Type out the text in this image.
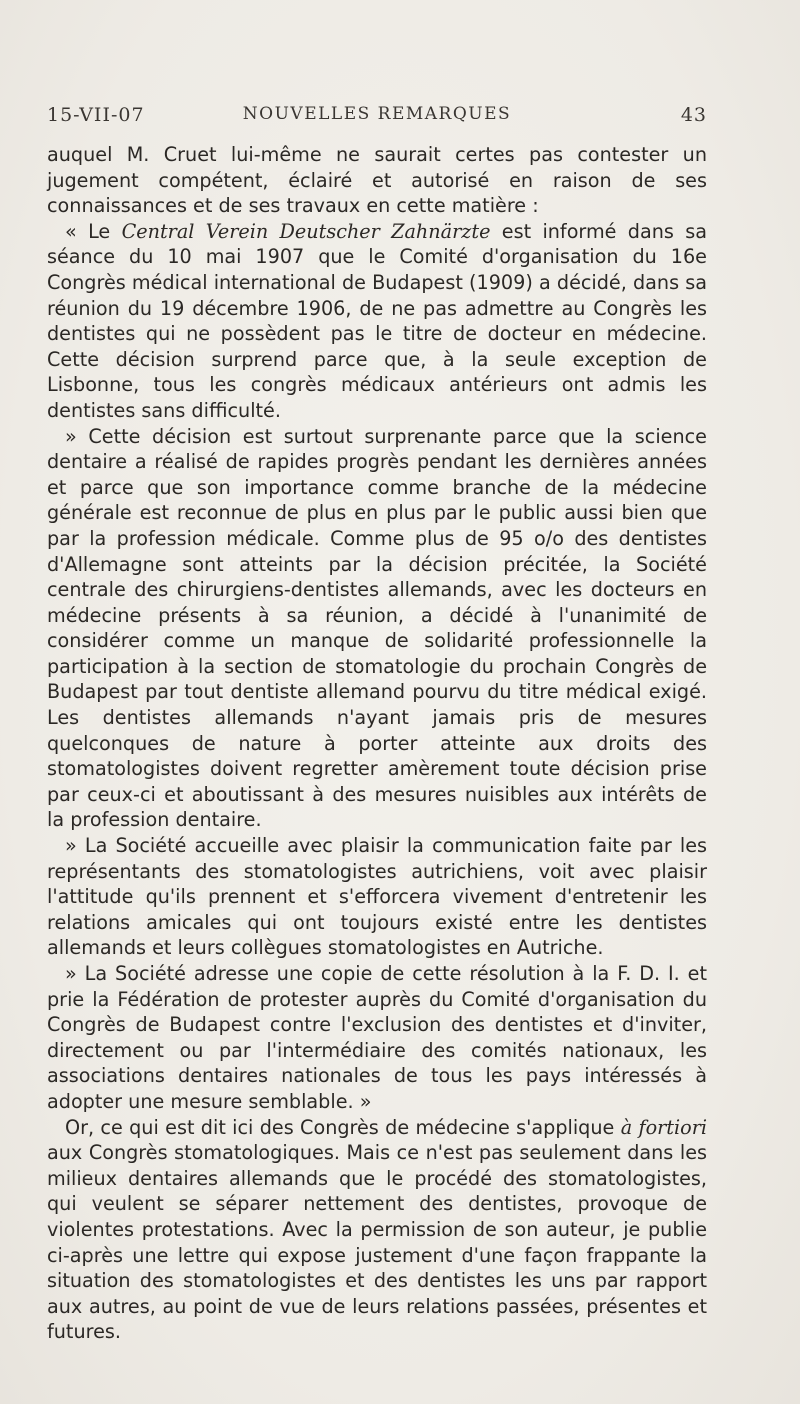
15-VII-07	NOUVELLES REMARQUES	43

auquel M. Cruet lui-même ne saurait certes pas contester un jugement compétent, éclairé et autorisé en raison de ses connaissances et de ses travaux en cette matière :

« Le Central Verein Deutscher Zahnärzte est informé dans sa séance du 10 mai 1907 que le Comité d'organisation du 16e Congrès médical international de Budapest (1909) a décidé, dans sa réunion du 19 décembre 1906, de ne pas admettre au Congrès les dentistes qui ne possèdent pas le titre de docteur en médecine. Cette décision surprend parce que, à la seule exception de Lisbonne, tous les congrès médicaux antérieurs ont admis les dentistes sans difficulté.

» Cette décision est surtout surprenante parce que la science dentaire a réalisé de rapides progrès pendant les dernières années et parce que son importance comme branche de la médecine générale est reconnue de plus en plus par le public aussi bien que par la profession médicale. Comme plus de 95 o/o des dentistes d'Allemagne sont atteints par la décision précitée, la Société centrale des chirurgiens-dentistes allemands, avec les docteurs en médecine présents à sa réunion, a décidé à l'unanimité de considérer comme un manque de solidarité professionnelle la participation à la section de stomatologie du prochain Congrès de Budapest par tout dentiste allemand pourvu du titre médical exigé. Les dentistes allemands n'ayant jamais pris de mesures quelconques de nature à porter atteinte aux droits des stomatologistes doivent regretter amèrement toute décision prise par ceux-ci et aboutissant à des mesures nuisibles aux intérêts de la profession dentaire.

» La Société accueille avec plaisir la communication faite par les représentants des stomatologistes autrichiens, voit avec plaisir l'attitude qu'ils prennent et s'efforcera vivement d'entretenir les relations amicales qui ont toujours existé entre les dentistes allemands et leurs collègues stomatologistes en Autriche.

» La Société adresse une copie de cette résolution à la F. D. I. et prie la Fédération de protester auprès du Comité d'organisation du Congrès de Budapest contre l'exclusion des dentistes et d'inviter, directement ou par l'intermédiaire des comités nationaux, les associations dentaires nationales de tous les pays intéressés à adopter une mesure semblable. »

Or, ce qui est dit ici des Congrès de médecine s'applique à fortiori aux Congrès stomatologiques. Mais ce n'est pas seulement dans les milieux dentaires allemands que le procédé des stomatologistes, qui veulent se séparer nettement des dentistes, provoque de violentes protestations. Avec la permission de son auteur, je publie ci-après une lettre qui expose justement d'une façon frappante la situation des stomatologistes et des dentistes les uns par rapport aux autres, au point de vue de leurs relations passées, présentes et futures.
